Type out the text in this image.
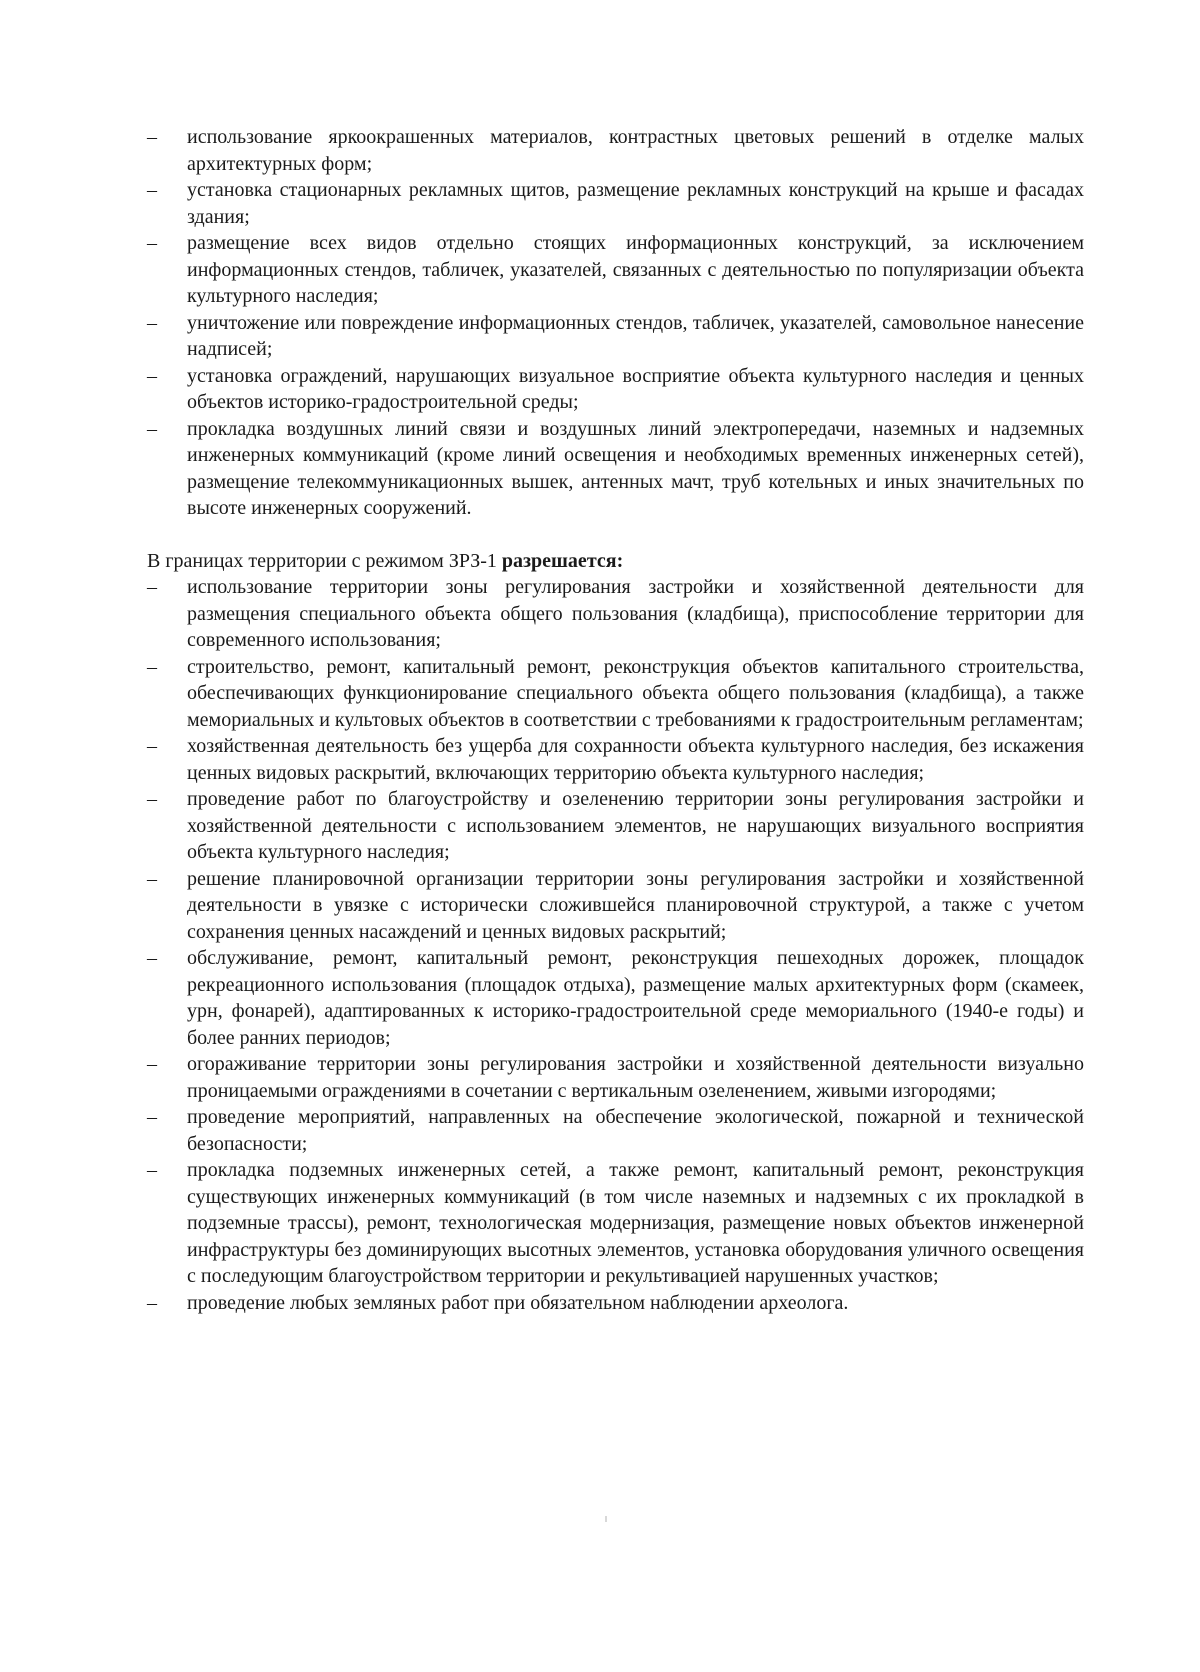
– использование яркоокрашенных материалов, контрастных цветовых решений в отделке малых архитектурных форм;
– установка стационарных рекламных щитов, размещение рекламных конструкций на крыше и фасадах здания;
– размещение всех видов отдельно стоящих информационных конструкций, за исключением информационных стендов, табличек, указателей, связанных с деятельностью по популяризации объекта культурного наследия;
– уничтожение или повреждение информационных стендов, табличек, указателей, самовольное нанесение надписей;
– установка ограждений, нарушающих визуальное восприятие объекта культурного наследия и ценных объектов историко-градостроительной среды;
– прокладка воздушных линий связи и воздушных линий электропередачи, наземных и надземных инженерных коммуникаций (кроме линий освещения и необходимых временных инженерных сетей), размещение телекоммуникационных вышек, антенных мачт, труб котельных и иных значительных по высоте инженерных сооружений.

В границах территории с режимом ЗРЗ-1 разрешается:

– использование территории зоны регулирования застройки и хозяйственной деятельности для размещения специального объекта общего пользования (кладбища), приспособление территории для современного использования;
– строительство, ремонт, капитальный ремонт, реконструкция объектов капитального строительства, обеспечивающих функционирование специального объекта общего пользования (кладбища), а также мемориальных и культовых объектов в соответствии с требованиями к градостроительным регламентам;
– хозяйственная деятельность без ущерба для сохранности объекта культурного наследия, без искажения ценных видовых раскрытий, включающих территорию объекта культурного наследия;
– проведение работ по благоустройству и озеленению территории зоны регулирования застройки и хозяйственной деятельности с использованием элементов, не нарушающих визуального восприятия объекта культурного наследия;
– решение планировочной организации территории зоны регулирования застройки и хозяйственной деятельности в увязке с исторически сложившейся планировочной структурой, а также с учетом сохранения ценных насаждений и ценных видовых раскрытий;
– обслуживание, ремонт, капитальный ремонт, реконструкция пешеходных дорожек, площадок рекреационного использования (площадок отдыха), размещение малых архитектурных форм (скамеек, урн, фонарей), адаптированных к историко-градостроительной среде мемориального (1940-е годы) и более ранних периодов;
– огораживание территории зоны регулирования застройки и хозяйственной деятельности визуально проницаемыми ограждениями в сочетании с вертикальным озеленением, живыми изгородями;
– проведение мероприятий, направленных на обеспечение экологической, пожарной и технической безопасности;
– прокладка подземных инженерных сетей, а также ремонт, капитальный ремонт, реконструкция существующих инженерных коммуникаций (в том числе наземных и надземных с их прокладкой в подземные трассы), ремонт, технологическая модернизация, размещение новых объектов инженерной инфраструктуры без доминирующих высотных элементов, установка оборудования уличного освещения с последующим благоустройством территории и рекультивацией нарушенных участков;
– проведение любых земляных работ при обязательном наблюдении археолога.
